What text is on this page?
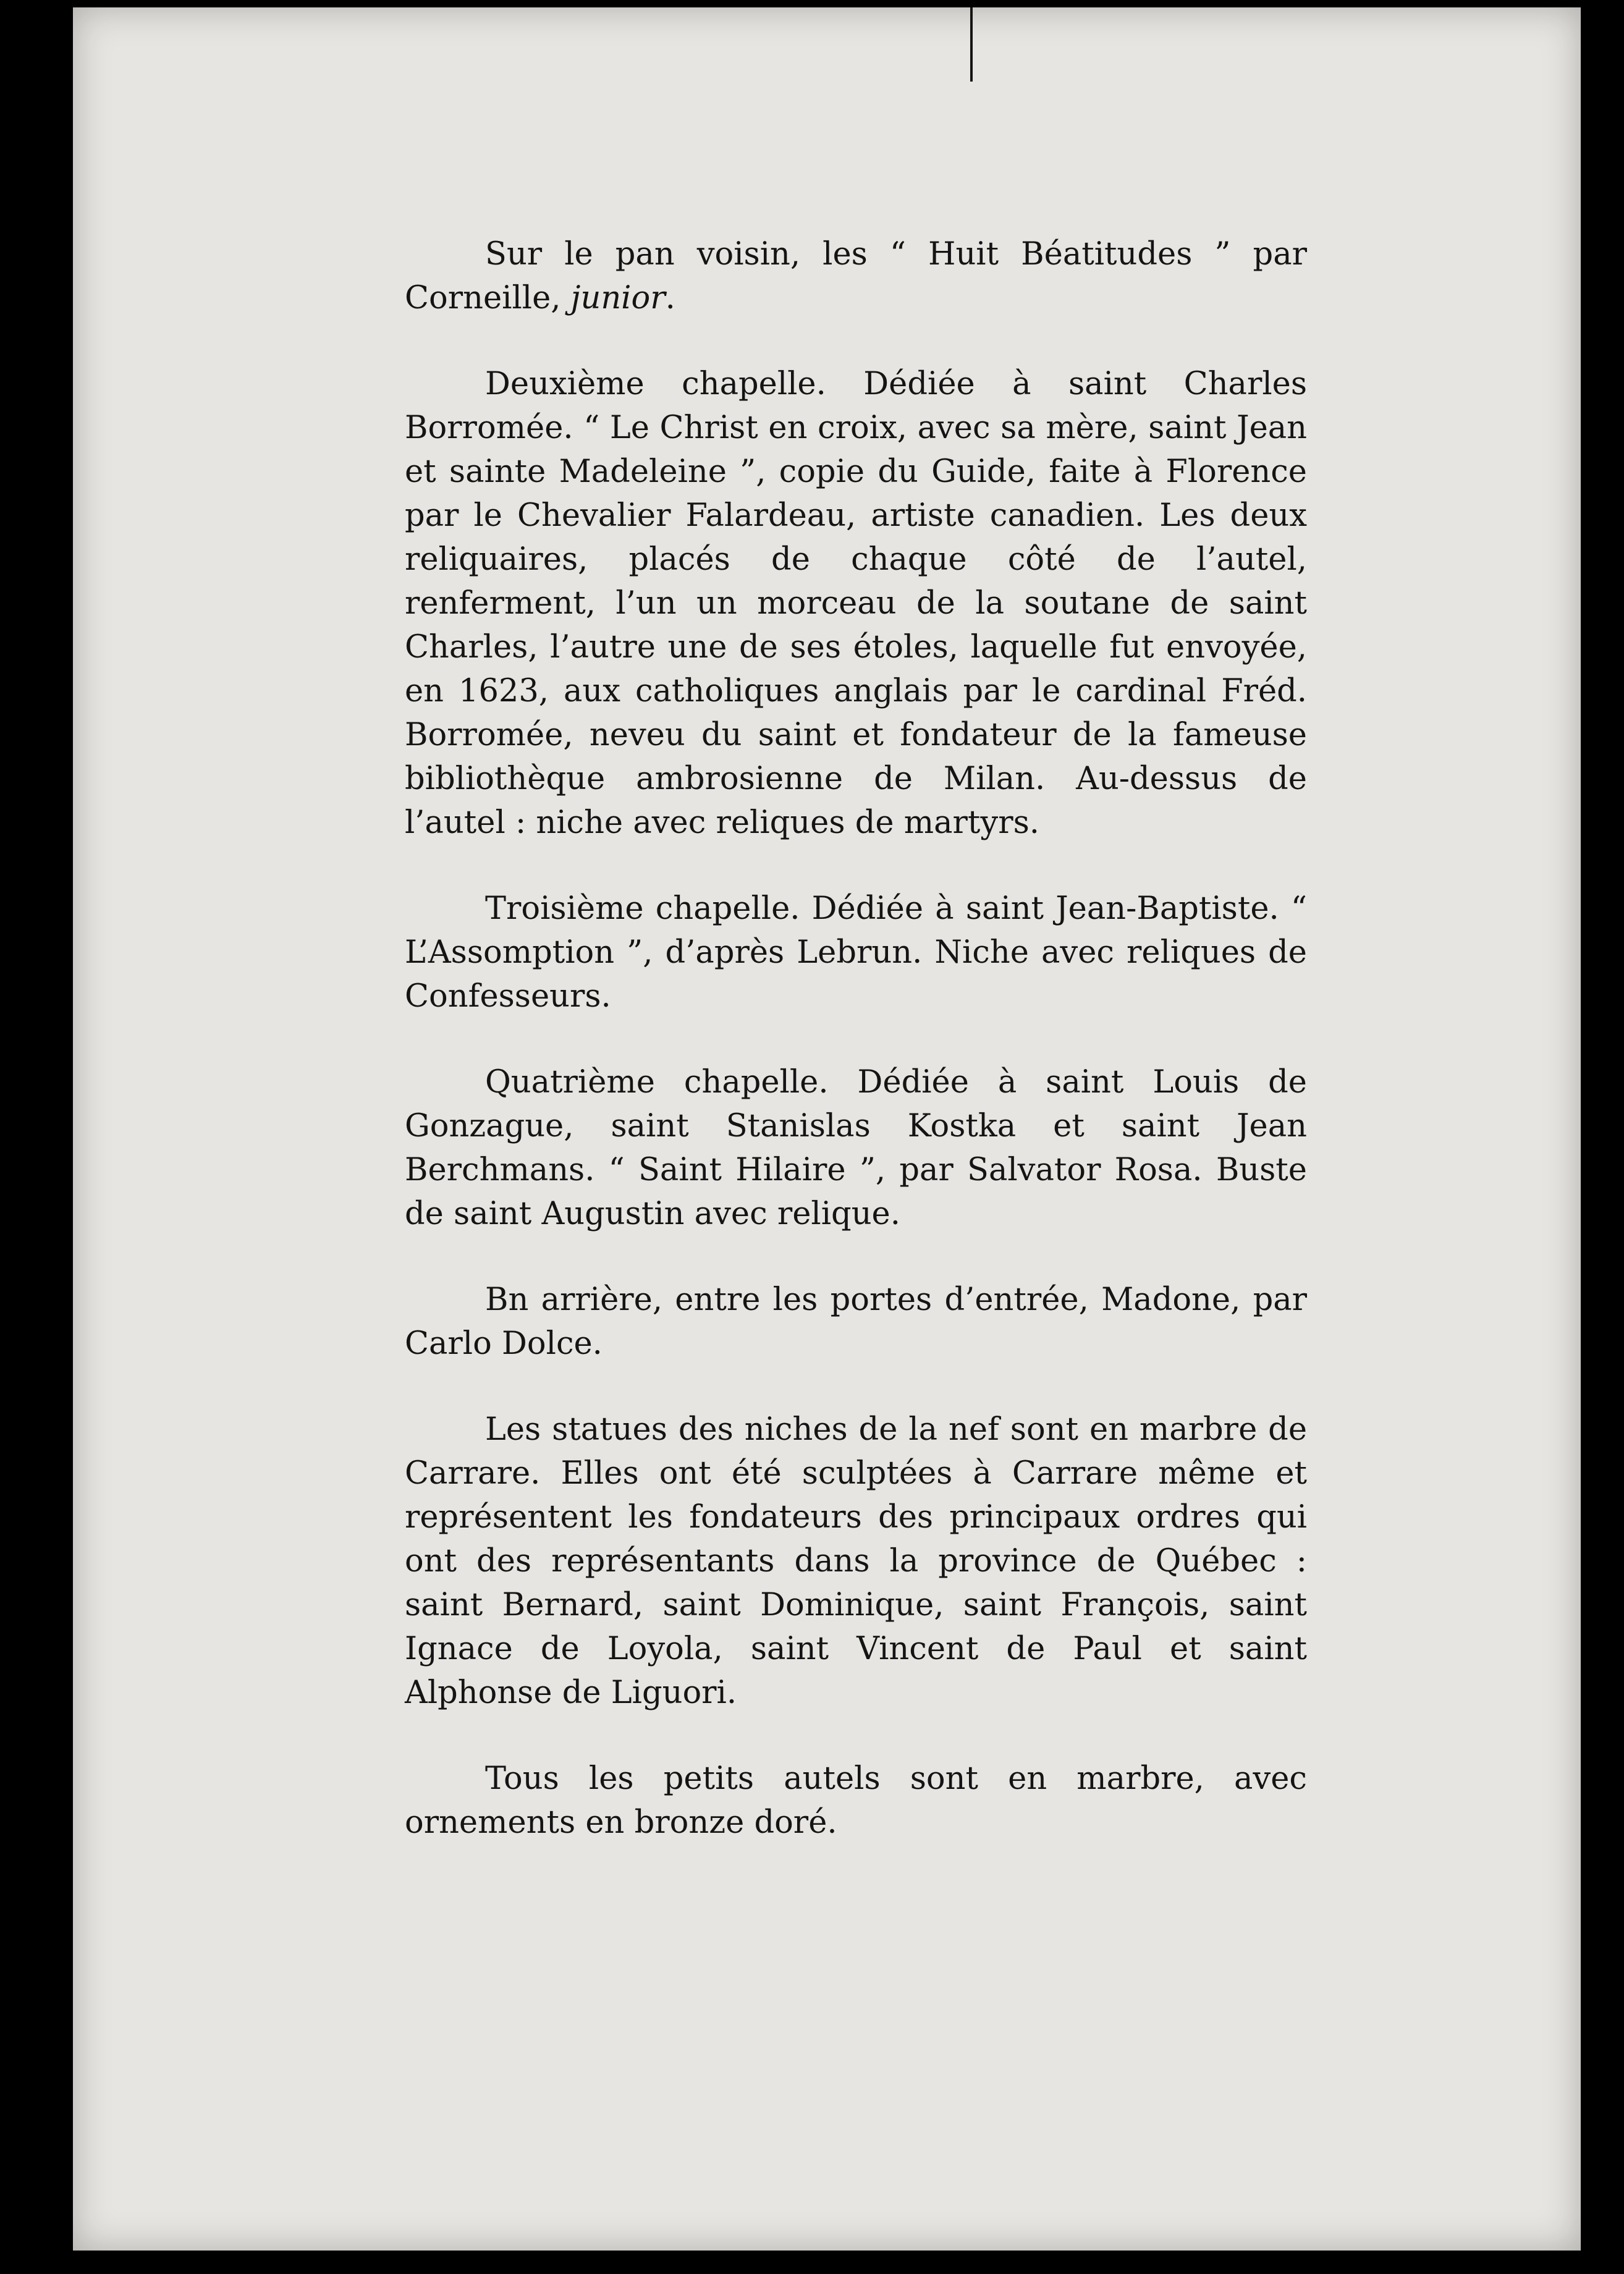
Sur le pan voisin, les “ Huit Béatitudes ” par Corneille, junior.

Deuxième chapelle. Dédiée à saint Charles Borromée. “ Le Christ en croix, avec sa mère, saint Jean et sainte Madeleine ”, copie du Guide, faite à Florence par le Chevalier Falardeau, artiste canadien. Les deux reliquaires, placés de chaque côté de l’autel, renferment, l’un un morceau de la soutane de saint Charles, l’autre une de ses étoles, laquelle fut envoyée, en 1623, aux catholiques anglais par le cardinal Fréd. Borromée, neveu du saint et fondateur de la fameuse bibliothèque ambrosienne de Milan. Au-dessus de l’autel : niche avec reliques de martyrs.

Troisième chapelle. Dédiée à saint Jean-Baptiste. “ L’Assomption ”, d’après Lebrun. Niche avec reliques de Confesseurs.

Quatrième chapelle. Dédiée à saint Louis de Gonzague, saint Stanislas Kostka et saint Jean Berchmans. “ Saint Hilaire ”, par Salvator Rosa. Buste de saint Augustin avec relique.

Bn arrière, entre les portes d’entrée, Madone, par Carlo Dolce.

Les statues des niches de la nef sont en marbre de Carrare. Elles ont été sculptées à Carrare même et représentent les fondateurs des principaux ordres qui ont des représentants dans la province de Québec : saint Bernard, saint Dominique, saint François, saint Ignace de Loyola, saint Vincent de Paul et saint Alphonse de Liguori.

Tous les petits autels sont en marbre, avec ornements en bronze doré.
